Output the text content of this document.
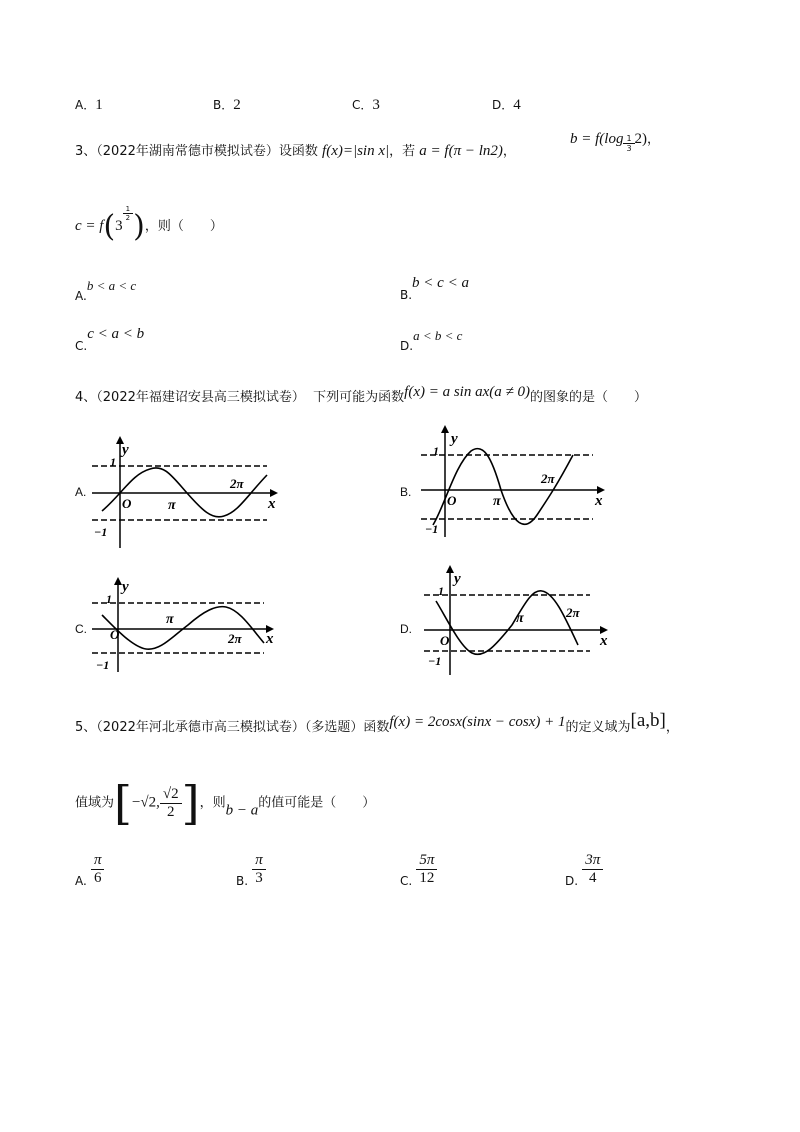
A．1	B．2	C．3	D．4
3、（2022年湖南常德市模拟试卷）设函数 f(x)=|sin x|，若 a = f(π − ln2)，
$b = f(\log \frac{1}{3} 2)$，
c = f(3
$\frac{1}{2}$ )，则（　　）
A.b < a < c
B.b < c < a
C.c < a < b
D.a < b < c
4、（2022年福建诏安县高三模拟试卷） 下列可能为函数f(x) = a sin ax(a ≠ 0)的图象的是（　　）
A.
y
1
O	π
2π
x
−1
B.
y
1
O	π
2π
x
−1
C.
y
1
O
π
2π x
−1
D.
y
1
O
π	2π
x
−1
5、（2022年河北承德市高三模拟试卷）（多选题）函数f(x) = 2cosx(sinx − cosx) + 1的定义域为[a,b]，
值域为[−√2, $\frac{√2}{2}$ ]，则b − a的值可能是（　　）
A. $\frac{\pi}{6}$	B. $\frac{\pi}{3}$	C. $\frac{5\pi}{12}$	D. $\frac{3\pi}{4}$
